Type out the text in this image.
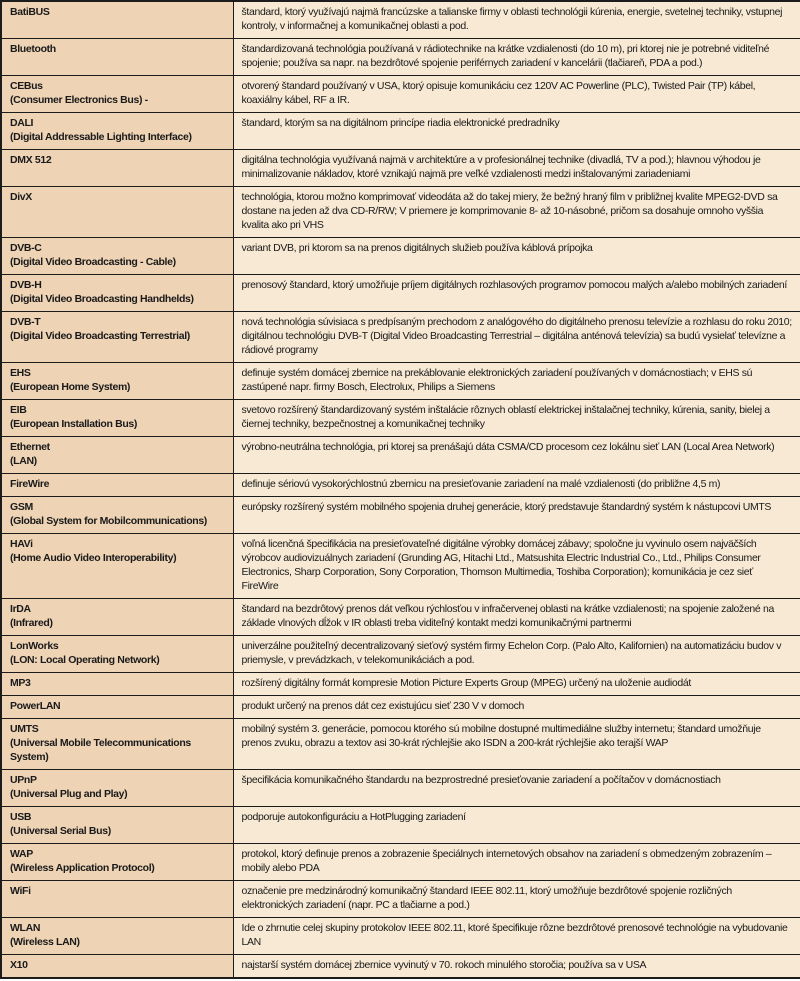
BatiBUS	štandard, ktorý využívajú najmä francúzske a talianske firmy v oblasti technológii kúrenia, energie, svetelnej techniky, vstupnej kontroly, v informačnej a komunikačnej oblasti a pod.

Bluetooth	štandardizovaná technológia používaná v rádiotechnike na krátke vzdialenosti (do 10 m), pri ktorej nie je potrebné viditeľné spojenie; používa sa napr. na bezdrôtové spojenie periférnych zariadení v kancelárii (tlačiareň, PDA a pod.)

CEBus
(Consumer Electronics Bus) -	otvorený štandard používaný v USA, ktorý opisuje komunikáciu cez 120V AC Powerline (PLC), Twisted Pair (TP) kábel, koaxiálny kábel, RF a IR.

DALI
(Digital Addressable Lighting Interface)	štandard, ktorým sa na digitálnom princípe riadia elektronické predradníky

DMX 512	digitálna technológia využívaná najmä v architektúre a v profesionálnej technike (divadlá, TV a pod.); hlavnou výhodou je minimalizovanie nákladov, ktoré vznikajú najmä pre veľké vzdialenosti medzi inštalovanými zariadeniami

DivX	technológia, ktorou možno komprimovať videodáta až do takej miery, že bežný hraný film v približnej kvalite MPEG2-DVD sa dostane na jeden až dva CD-R/RW; V priemere je komprimovanie 8- až 10-násobné, pričom sa dosahuje omnoho vyššia kvalita ako pri VHS

DVB-C
(Digital Video Broadcasting - Cable)	variant DVB, pri ktorom sa na prenos digitálnych služieb používa káblová prípojka

DVB-H
(Digital Video Broadcasting Handhelds)	prenosový štandard, ktorý umožňuje príjem digitálnych rozhlasových programov pomocou malých a/alebo mobilných zariadení

DVB-T
(Digital Video Broadcasting Terrestrial)	nová technológia súvisiaca s predpísaným prechodom z analógového do digitálneho prenosu televízie a rozhlasu do roku 2010; digitálnou technológiu DVB-T (Digital Video Broadcasting Terrestrial – digitálna anténová televízia) sa budú vysielať televízne a rádiové programy

EHS
(European Home System)	definuje systém domácej zbernice na prekáblovanie elektronických zariadení používaných v domácnostiach; v EHS sú zastúpené napr. firmy Bosch, Electrolux, Philips a Siemens

EIB
(European Installation Bus)	svetovo rozšírený štandardizovaný systém inštalácie rôznych oblastí elektrickej inštalačnej techniky, kúrenia, sanity, bielej a čiernej techniky, bezpečnostnej a komunikačnej techniky

Ethernet
(LAN)	výrobno-neutrálna technológia, pri ktorej sa prenášajú dáta CSMA/CD procesom cez lokálnu sieť LAN (Local Area Network)

FireWire	definuje sériovú vysokorýchlostnú zbernicu na presieťovanie zariadení na malé vzdialenosti (do približne 4,5 m)

GSM
(Global System for Mobilcommunications)	európsky rozšírený systém mobilného spojenia druhej generácie, ktorý predstavuje štandardný systém k nástupcovi UMTS

HAVi
(Home Audio Video Interoperability)	voľná licenčná špecifikácia na presieťovateľné digitálne výrobky domácej zábavy; spoločne ju vyvinulo osem najväčších výrobcov audiovizuálnych zariadení (Grunding AG, Hitachi Ltd., Matsushita Electric Industrial Co., Ltd., Philips Consumer Electronics, Sharp Corporation, Sony Corporation, Thomson Multimedia, Toshiba Corporation); komunikácia je cez sieť FireWire

IrDA
(Infrared)	štandard na bezdrôtový prenos dát veľkou rýchlosťou v infračervenej oblasti na krátke vzdialenosti; na spojenie založené na základe vlnových dĺžok v IR oblasti treba viditeľný kontakt medzi komunikačnými partnermi

LonWorks
(LON: Local Operating Network)	univerzálne použiteľný decentralizovaný sieťový systém firmy Echelon Corp. (Palo Alto, Kalifornien) na automatizáciu budov v priemysle, v prevádzkach, v telekomunikáciách a pod.

MP3	rozšírený digitálny formát kompresie Motion Picture Experts Group (MPEG) určený na uloženie audiodát

PowerLAN	produkt určený na prenos dát cez existujúcu sieť 230 V v domoch

UMTS
(Universal Mobile Telecommunications System)	mobilný systém 3. generácie, pomocou ktorého sú mobilne dostupné multimediálne služby internetu; štandard umožňuje prenos zvuku, obrazu a textov asi 30-krát rýchlejšie ako ISDN a 200-krát rýchlejšie ako terajší WAP

UPnP
(Universal Plug and Play)	špecifikácia komunikačného štandardu na bezprostredné presieťovanie zariadení a počítačov v domácnostiach

USB
(Universal Serial Bus)	podporuje autokonfiguráciu a HotPlugging zariadení

WAP
(Wireless Application Protocol)	protokol, ktorý definuje prenos a zobrazenie špeciálnych internetových obsahov na zariadení s obmedzeným zobrazením – mobily alebo PDA

WiFi	označenie pre medzinárodný komunikačný štandard IEEE 802.11, ktorý umožňuje bezdrôtové spojenie rozličných elektronických zariadení (napr. PC a tlačiarne a pod.)

WLAN
(Wireless LAN)	Ide o zhrnutie celej skupiny protokolov IEEE 802.11, ktoré špecifikuje rôzne bezdrôtové prenosové technológie na vybudovanie LAN

X10	najstarší systém domácej zbernice vyvinutý v 70. rokoch minulého storočia; používa sa v USA
